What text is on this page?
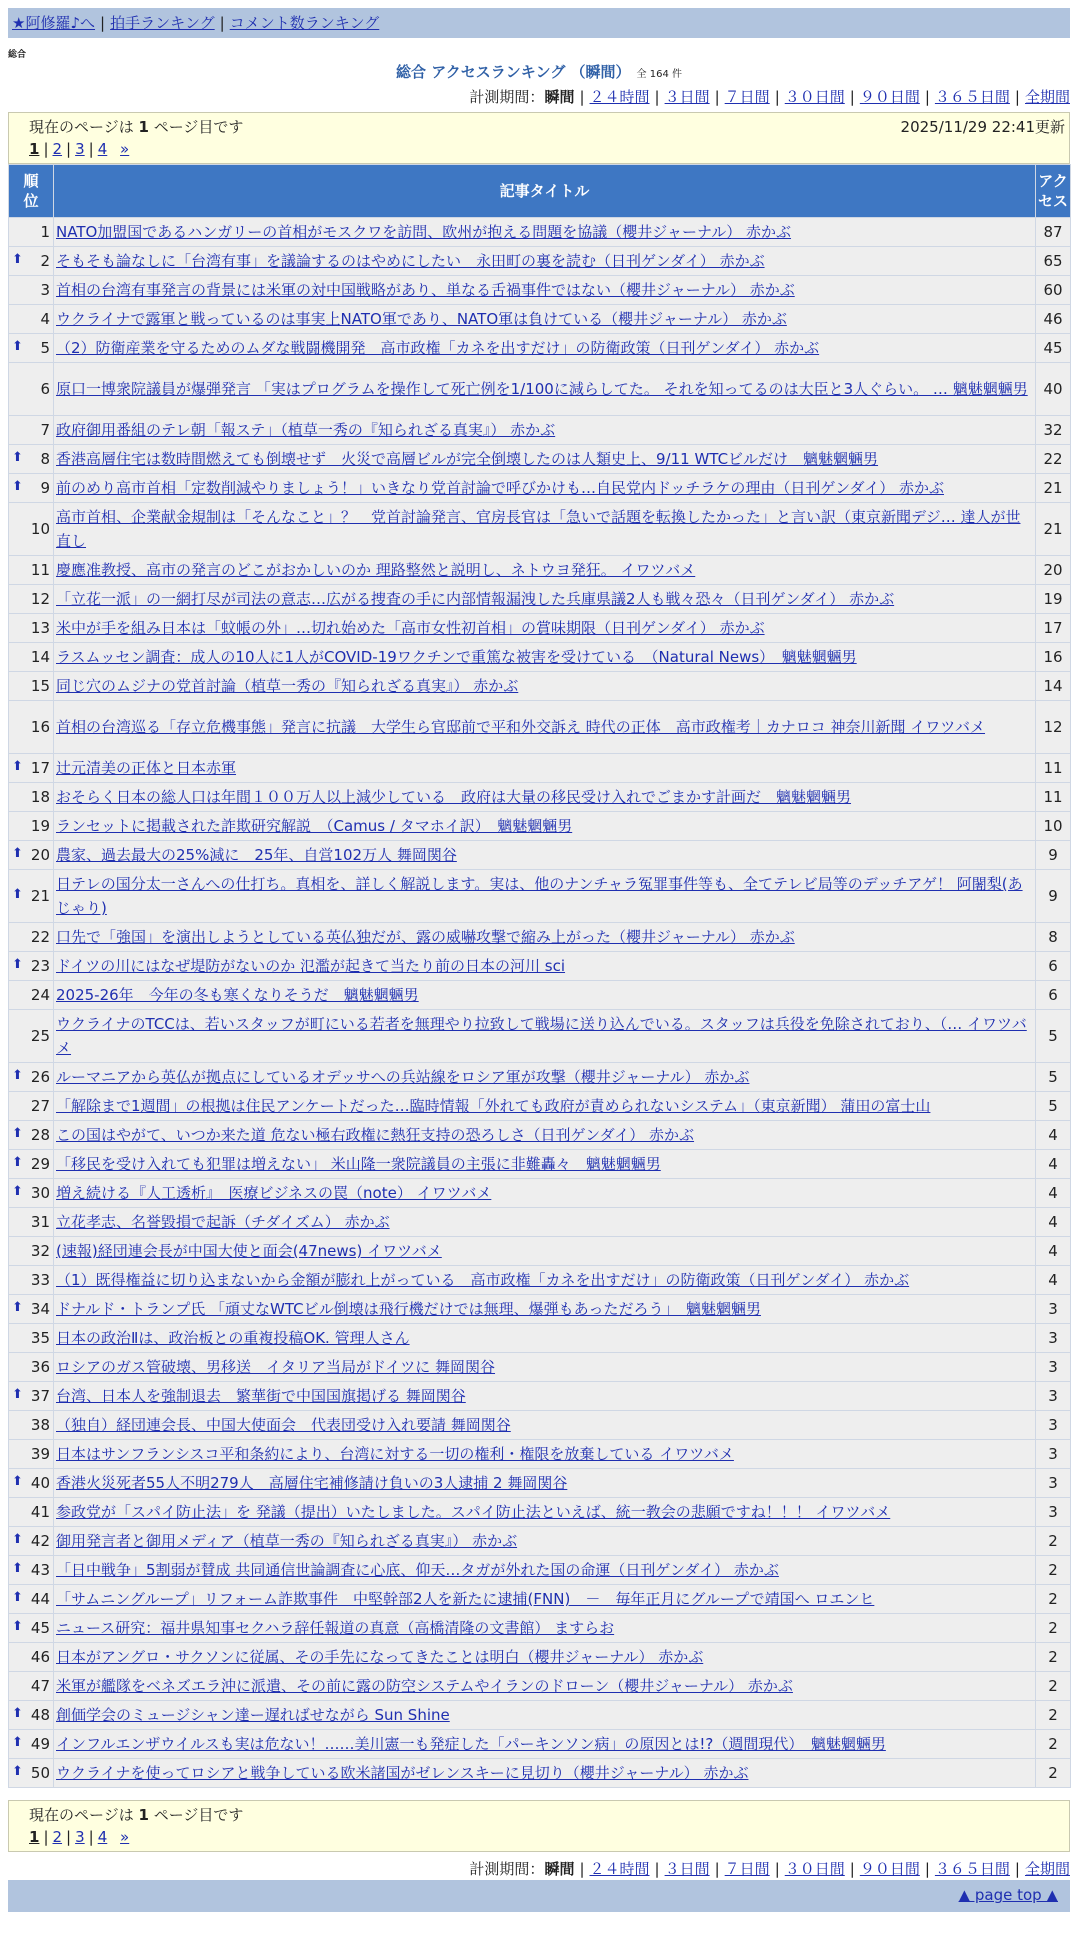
★阿修羅♪へ | 拍手ランキング | コメント数ランキング
総合
総合 アクセスランキング （瞬間） 全 164 件
計測期間：瞬間 | ２４時間 | ３日間 | ７日間 | ３０日間 | ９０日間 | ３６５日間 | 全期間
現在のページは 1 ページ目です	2025/11/29 22:41更新
1 | 2 | 3 | 4 »
順位	記事タイトル	アクセス
1	NATO加盟国であるハンガリーの首相がモスクワを訪問、欧州が抱える問題を協議（櫻井ジャーナル） 赤かぶ	87

⬆ 2	そもそも論なしに「台湾有事」を議論するのはやめにしたい　永田町の裏を読む（日刊ゲンダイ） 赤かぶ	65
3	首相の台湾有事発言の背景には米軍の対中国戦略があり、単なる舌禍事件ではない（櫻井ジャーナル） 赤かぶ	60
4	ウクライナで露軍と戦っているのは事実上NATO軍であり、NATO軍は負けている（櫻井ジャーナル） 赤かぶ	46

⬆ 5	（2）防衛産業を守るためのムダな戦闘機開発　高市政権「カネを出すだけ」の防衛政策（日刊ゲンダイ） 赤かぶ	45
6	原口一博衆院議員が爆弾発言 「実はプログラムを操作して死亡例を1/100に減らしてた。 それを知ってるのは大臣と3人ぐらい。 … 魑魅魍魎男	40
7	政府御用番組のテレ朝「報ステ」（植草一秀の『知られざる真実』） 赤かぶ	32

⬆ 8	香港高層住宅は数時間燃えても倒壊せず　火災で高層ビルが完全倒壊したのは人類史上、9/11 WTCビルだけ　魑魅魍魎男	22

⬆ 9	前のめり高市首相「定数削減やりましょう！」いきなり党首討論で呼びかけも…自民党内ドッチラケの理由（日刊ゲンダイ） 赤かぶ	21
10	高市首相、企業献金規制は「そんなこと」？　党首討論発言、官房長官は「急いで話題を転換したかった」と言い訳（東京新聞デジ… 達人が世直し	21
11	慶應准教授、高市の発言のどこがおかしいのか 理路整然と説明し、ネトウヨ発狂。 イワツバメ	20
12	「立花一派」の一網打尽が司法の意志…広がる捜査の手に内部情報漏洩した兵庫県議2人も戦々恐々（日刊ゲンダイ） 赤かぶ	19
13	米中が手を組み日本は「蚊帳の外」…切れ始めた「高市女性初首相」の賞味期限（日刊ゲンダイ） 赤かぶ	17
14	ラスムッセン調査：成人の10人に1人がCOVID-19ワクチンで重篤な被害を受けている　（Natural News）　魑魅魍魎男	16
15	同じ穴のムジナの党首討論（植草一秀の『知られざる真実』） 赤かぶ	14
16	首相の台湾巡る「存立危機事態」発言に抗議　大学生ら官邸前で平和外交訴え 時代の正体　高市政権考｜カナロコ 神奈川新聞 イワツバメ	12

⬆ 17	辻元清美の正体と日本赤軍	11
18	おそらく日本の総人口は年間１００万人以上減少している　政府は大量の移民受け入れでごまかす計画だ　魑魅魍魎男	11
19	ランセットに掲載された詐欺研究解説　（Camus / タマホイ訳）　魑魅魍魎男	10

⬆ 20	農家、過去最大の25%減に　25年、自営102万人 舞岡関谷	9

⬆ 21	日テレの国分太一さんへの仕打ち。真相を、詳しく解説します。実は、他のナンチャラ冤罪事件等も、全てテレビ局等のデッチアゲ！ 阿闍梨(あじゃり)	9
22	口先で「強国」を演出しようとしている英仏独だが、露の威嚇攻撃で縮み上がった（櫻井ジャーナル） 赤かぶ	8

⬆ 23	ドイツの川にはなぜ堤防がないのか 氾濫が起きて当たり前の日本の河川 sci	6
24	2025-26年　今年の冬も寒くなりそうだ　魑魅魍魎男	6
25	ウクライナのTCCは、若いスタッフが町にいる若者を無理やり拉致して戦場に送り込んでいる。スタッフは兵役を免除されており、（… イワツバメ	5

⬆ 26	ルーマニアから英仏が拠点にしているオデッサへの兵站線をロシア軍が攻撃（櫻井ジャーナル） 赤かぶ	5
27	「解除まで1週間」の根拠は住民アンケートだった…臨時情報「外れても政府が責められないシステム」（東京新聞） 蒲田の富士山	5

⬆ 28	この国はやがて、いつか来た道 危ない極右政権に熱狂支持の恐ろしさ（日刊ゲンダイ） 赤かぶ	4

⬆ 29	「移民を受け入れても犯罪は増えない」 米山隆一衆院議員の主張に非難轟々　魑魅魍魎男	4

⬆ 30	増え続ける『人工透析』　医療ビジネスの罠（note） イワツバメ	4
31	立花孝志、名誉毀損で起訴（チダイズム） 赤かぶ	4
32	(速報)経団連会長が中国大使と面会(47news) イワツバメ	4
33	（1）既得権益に切り込まないから金額が膨れ上がっている　高市政権「カネを出すだけ」の防衛政策（日刊ゲンダイ） 赤かぶ	4

⬆ 34	ドナルド・トランプ氏 「頑丈なWTCビル倒壊は飛行機だけでは無理、爆弾もあっただろう」　魑魅魍魎男	3
35	日本の政治Ⅱは、政治板との重複投稿OK. 管理人さん	3
36	ロシアのガス管破壊、男移送　イタリア当局がドイツに 舞岡関谷	3

⬆ 37	台湾、日本人を強制退去　繁華街で中国国旗掲げる 舞岡関谷	3
38	（独自）経団連会長、中国大使面会　代表団受け入れ要請 舞岡関谷	3
39	日本はサンフランシスコ平和条約により、台湾に対する一切の権利・権限を放棄している イワツバメ	3

⬆ 40	香港火災死者55人不明279人　高層住宅補修請け負いの3人逮捕 2 舞岡関谷	3
41	参政党が「スパイ防止法」を 発議（提出）いたしました。スパイ防止法といえば、統一教会の悲願ですね！！！ イワツバメ	3

⬆ 42	御用発言者と御用メディア（植草一秀の『知られざる真実』） 赤かぶ	2

⬆ 43	「日中戦争」5割弱が賛成 共同通信世論調査に心底、仰天…タガが外れた国の命運（日刊ゲンダイ） 赤かぶ	2

⬆ 44	「サムニングループ」リフォーム詐欺事件　中堅幹部2人を新たに逮捕(FNN)　－　毎年正月にグループで靖国へ ロエンヒ	2

⬆ 45	ニュース研究：福井県知事セクハラ辞任報道の真意（高橋清隆の文書館） ますらお	2
46	日本がアングロ・サクソンに従属、その手先になってきたことは明白（櫻井ジャーナル） 赤かぶ	2
47	米軍が艦隊をベネズエラ沖に派遣、その前に露の防空システムやイランのドローン（櫻井ジャーナル） 赤かぶ	2

⬆ 48	創価学会のミュージシャン達ー遅ればせながら Sun Shine	2

⬆ 49	インフルエンザウイルスも実は危ない！……美川憲一も発症した「パーキンソン病」の原因とは!?（週間現代）　魑魅魍魎男	2

⬆ 50	ウクライナを使ってロシアと戦争している欧米諸国がゼレンスキーに見切り（櫻井ジャーナル） 赤かぶ	2
現在のページは 1 ページ目です
1 | 2 | 3 | 4 »
計測期間：瞬間 | ２４時間 | ３日間 | ７日間 | ３０日間 | ９０日間 | ３６５日間 | 全期間
▲ page top ▲
